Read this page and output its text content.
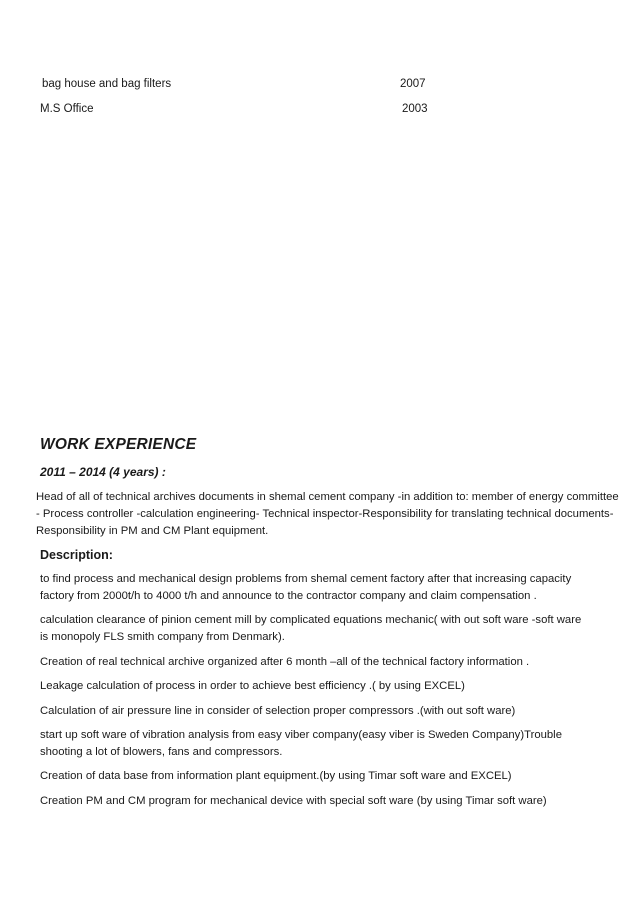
bag house and bag filters	2007
M.S Office	2003
WORK EXPERIENCE
2011 – 2014 (4 years) :
Head of all of technical archives documents in shemal cement company -in addition to: member of energy committee
- Process controller -calculation engineering- Technical inspector-Responsibility for translating technical documents-
Responsibility in PM and CM Plant equipment.
Description:
to find process and mechanical design problems from shemal cement factory after that increasing capacity
factory from 2000t/h to 4000 t/h and announce to the contractor company and claim compensation .
calculation clearance of pinion cement mill by complicated equations mechanic( with out soft ware -soft ware
is monopoly FLS smith company from Denmark).
Creation of real technical archive organized after 6 month –all of the technical factory information .
Leakage calculation of process in order to achieve best efficiency .( by using EXCEL)
Calculation of air pressure line in consider of selection proper compressors .(with out soft ware)
start up soft ware of vibration analysis from easy viber company(easy viber is Sweden Company)Trouble
shooting a lot of blowers, fans and compressors.
Creation of data base from information plant equipment.(by using Timar soft ware and EXCEL)
Creation PM and CM program for mechanical device with special soft ware (by using Timar soft ware)
